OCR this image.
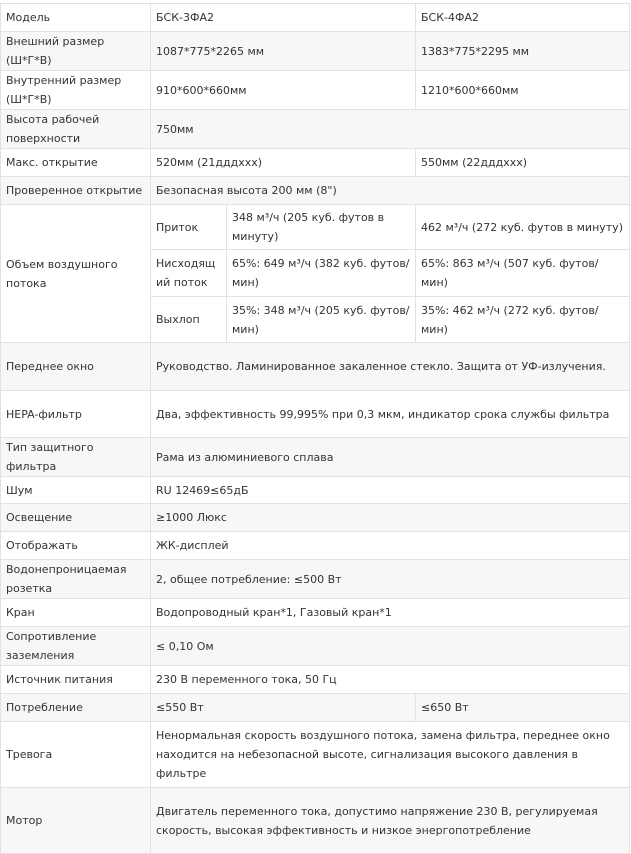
Модель	БСК-3ФА2		БСК-4ФА2
Внешний размер (Ш*Г*В)	1087*775*2265 мм		1383*775*2295 мм
Внутренний размер (Ш*Г*В)	910*600*660мм		1210*600*660мм
Высота рабочей поверхности	750мм		
Макс. открытие	520мм (21дддххх)		550мм (22дддххх)
Проверенное открытие	Безопасная высота 200 мм (8")		
Объем воздушного потока	Приток	348 м³/ч (205 куб. футов в минуту)	462 м³/ч (272 куб. футов в минуту)
	Нисходящий поток	65%: 649 м³/ч (382 куб. футов/мин)	65%: 863 м³/ч (507 куб. футов/мин)
	Выхлоп	35%: 348 м³/ч (205 куб. футов/мин)	35%: 462 м³/ч (272 куб. футов/мин)
Переднее окно	Руководство. Ламинированное закаленное стекло. Защита от УФ-излучения.		
HEPA-фильтр	Два, эффективность 99,995% при 0,3 мкм, индикатор срока службы фильтра		
Тип защитного фильтра	Рама из алюминиевого сплава		
Шум	RU 12469≤65дБ		
Освещение	≥1000 Люкс		
Отображать	ЖК-дисплей		
Водонепроницаемая розетка	2, общее потребление: ≤500 Вт		
Кран	Водопроводный кран*1, Газовый кран*1		
Сопротивление заземления	≤ 0,10 Ом		
Источник питания	230 В переменного тока, 50 Гц		
Потребление	≤550 Вт		≤650 Вт
Тревога	Ненормальная скорость воздушного потока, замена фильтра, переднее окно находится на небезопасной высоте, сигнализация высокого давления в фильтре		
Мотор	Двигатель переменного тока, допустимо напряжение 230 В, регулируемая скорость, высокая эффективность и низкое энергопотребление		
